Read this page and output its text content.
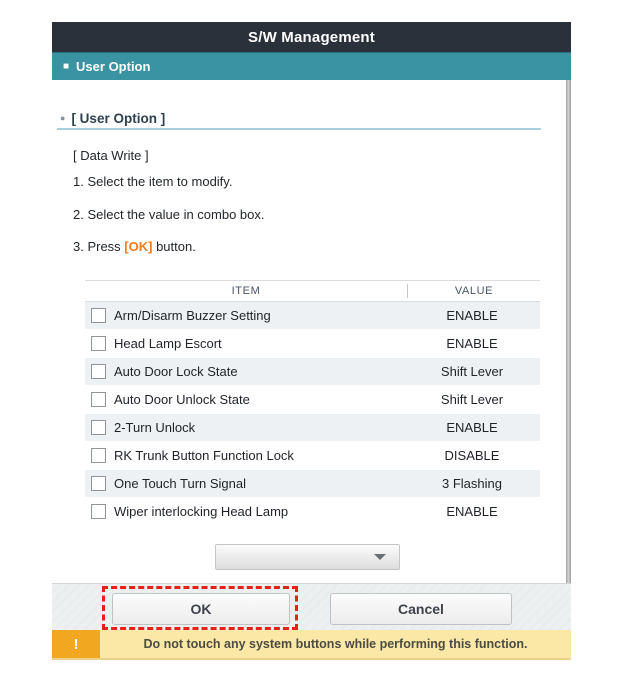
S/W Management
■ User Option
● [ User Option ]
[ Data Write ]
1. Select the item to modify.
2. Select the value in combo box.
3. Press [OK] button.
ITEM	VALUE
Arm/Disarm Buzzer Setting	ENABLE
Head Lamp Escort	ENABLE
Auto Door Lock State	Shift Lever
Auto Door Unlock State	Shift Lever
2-Turn Unlock	ENABLE
RK Trunk Button Function Lock	DISABLE
One Touch Turn Signal	3 Flashing
Wiper interlocking Head Lamp	ENABLE
OK	Cancel
!	Do not touch any system buttons while performing this function.
